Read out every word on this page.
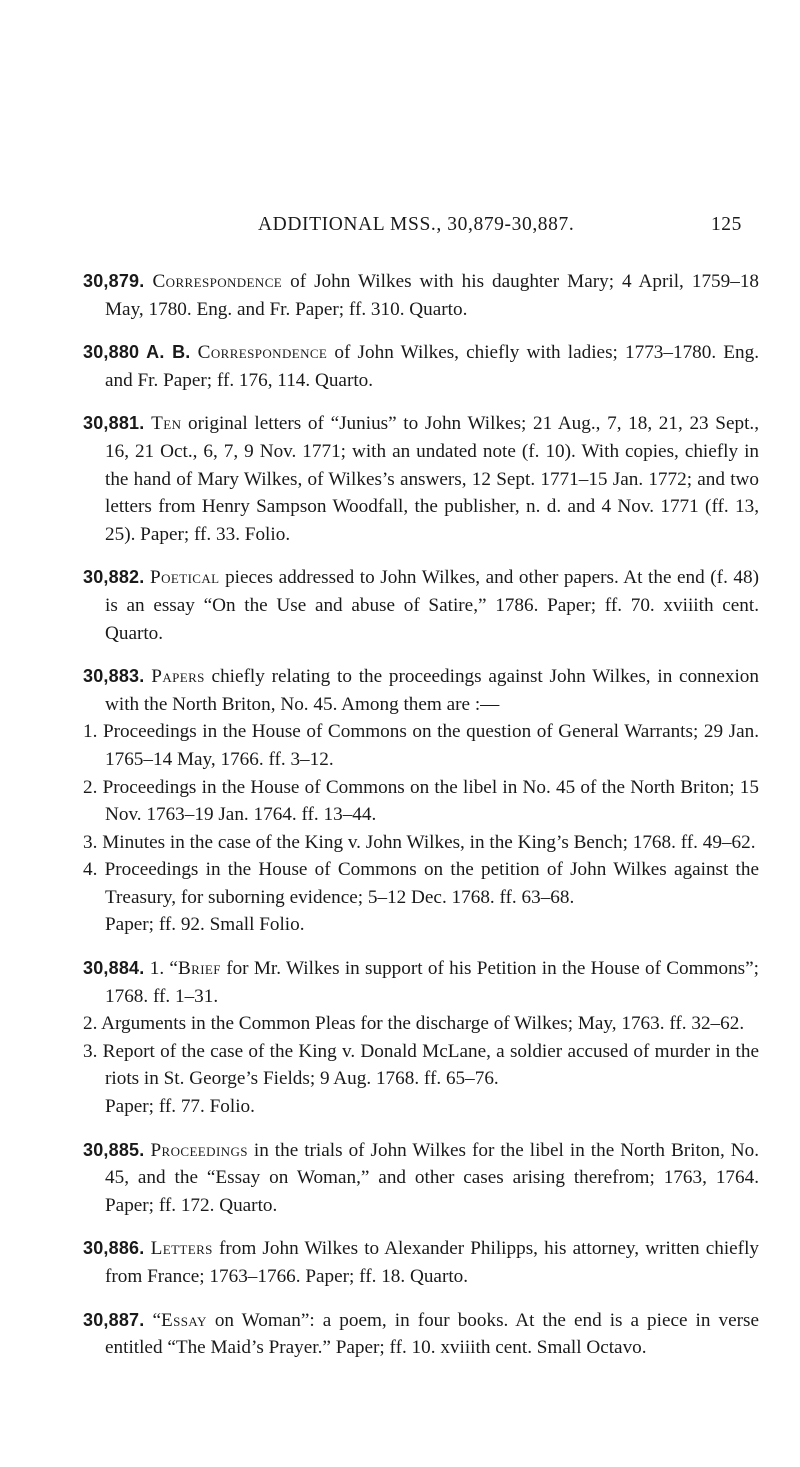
ADDITIONAL MSS., 30,879-30,887.	125

30,879. Correspondence of John Wilkes with his daughter Mary; 4 April, 1759–18 May, 1780. Eng. and Fr. Paper; ff. 310. Quarto.

30,880 A. B. Correspondence of John Wilkes, chiefly with ladies; 1773–1780. Eng. and Fr. Paper; ff. 176, 114. Quarto.

30,881. Ten original letters of “Junius” to John Wilkes; 21 Aug., 7, 18, 21, 23 Sept., 16, 21 Oct., 6, 7, 9 Nov. 1771; with an undated note (f. 10). With copies, chiefly in the hand of Mary Wilkes, of Wilkes’s answers, 12 Sept. 1771–15 Jan. 1772; and two letters from Henry Sampson Woodfall, the publisher, n. d. and 4 Nov. 1771 (ff. 13, 25). Paper; ff. 33. Folio.

30,882. Poetical pieces addressed to John Wilkes, and other papers. At the end (f. 48) is an essay “On the Use and abuse of Satire,” 1786. Paper; ff. 70. xviiith cent. Quarto.

30,883. Papers chiefly relating to the proceedings against John Wilkes, in connexion with the North Briton, No. 45. Among them are :—

1. Proceedings in the House of Commons on the question of General Warrants; 29 Jan. 1765–14 May, 1766. ff. 3–12.

2. Proceedings in the House of Commons on the libel in No. 45 of the North Briton; 15 Nov. 1763–19 Jan. 1764. ff. 13–44.

3. Minutes in the case of the King v. John Wilkes, in the King’s Bench; 1768. ff. 49–62.

4. Proceedings in the House of Commons on the petition of John Wilkes against the Treasury, for suborning evidence; 5–12 Dec. 1768. ff. 63–68.

Paper; ff. 92. Small Folio.

30,884. 1. “Brief for Mr. Wilkes in support of his Petition in the House of Commons”; 1768. ff. 1–31.

2. Arguments in the Common Pleas for the discharge of Wilkes; May, 1763. ff. 32–62.

3. Report of the case of the King v. Donald McLane, a soldier accused of murder in the riots in St. George’s Fields; 9 Aug. 1768. ff. 65–76.

Paper; ff. 77. Folio.

30,885. Proceedings in the trials of John Wilkes for the libel in the North Briton, No. 45, and the “Essay on Woman,” and other cases arising therefrom; 1763, 1764. Paper; ff. 172. Quarto.

30,886. Letters from John Wilkes to Alexander Philipps, his attorney, written chiefly from France; 1763–1766. Paper; ff. 18. Quarto.

30,887. “Essay on Woman”: a poem, in four books. At the end is a piece in verse entitled “The Maid’s Prayer.” Paper; ff. 10. xviiith cent. Small Octavo.
